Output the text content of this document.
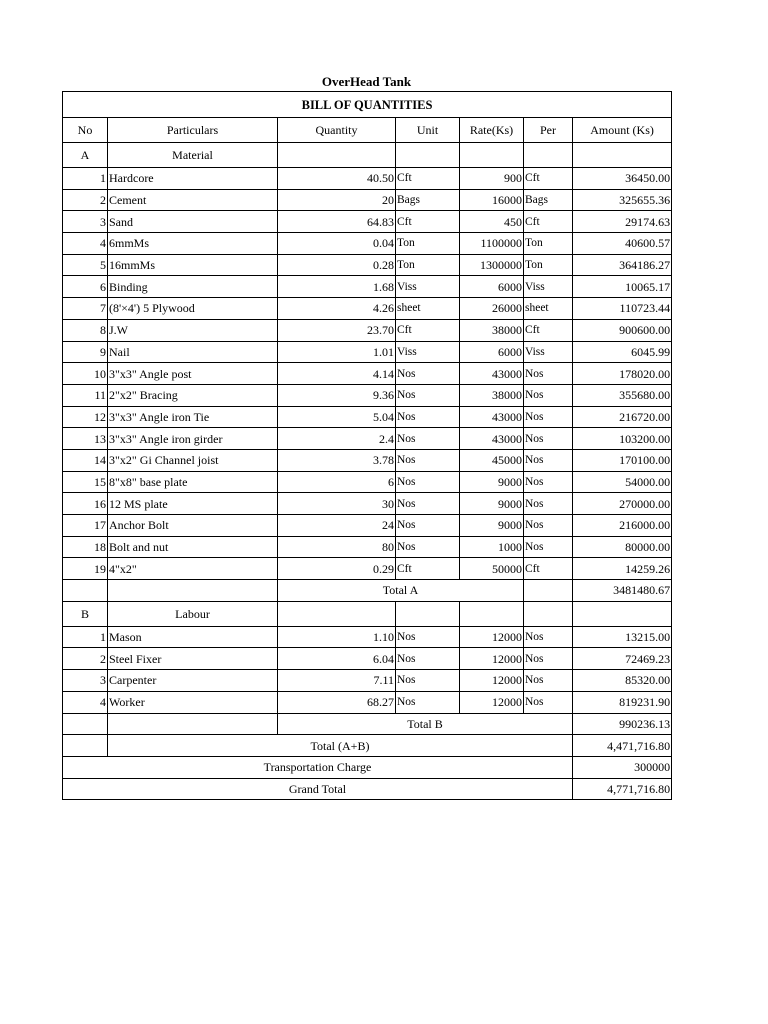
OverHead Tank
BILL OF QUANTITIES						
No	Particulars	Quantity	Unit	Rate(Ks)	Per	Amount (Ks)
A	Material					
1	Hardcore	40.50	Cft	900	Cft	36450.00
2	Cement	20	Bags	16000	Bags	325655.36
3	Sand	64.83	Cft	450	Cft	29174.63
4	6mmMs	0.04	Ton	1100000	Ton	40600.57
5	16mmMs	0.28	Ton	1300000	Ton	364186.27
6	Binding	1.68	Viss	6000	Viss	10065.17
7	(8'×4') 5 Plywood	4.26	sheet	26000	sheet	110723.44
8	J.W	23.70	Cft	38000	Cft	900600.00
9	Nail	1.01	Viss	6000	Viss	6045.99
10	3"x3" Angle post	4.14	Nos	43000	Nos	178020.00
11	2"x2" Bracing	9.36	Nos	38000	Nos	355680.00
12	3"x3" Angle iron Tie	5.04	Nos	43000	Nos	216720.00
13	3"x3" Angle iron girder	2.4	Nos	43000	Nos	103200.00
14	3"x2" Gi Channel joist	3.78	Nos	45000	Nos	170100.00
15	8"x8" base plate	6	Nos	9000	Nos	54000.00
16	12 MS plate	30	Nos	9000	Nos	270000.00
17	Anchor Bolt	24	Nos	9000	Nos	216000.00
18	Bolt and nut	80	Nos	1000	Nos	80000.00
19	4"x2"	0.29	Cft	50000	Cft	14259.26
		Total A				3481480.67
B	Labour					
1	Mason	1.10	Nos	12000	Nos	13215.00
2	Steel Fixer	6.04	Nos	12000	Nos	72469.23
3	Carpenter	7.11	Nos	12000	Nos	85320.00
4	Worker	68.27	Nos	12000	Nos	819231.90
		Total B				990236.13
	Total (A+B)					4,471,716.80
Transportation Charge						300000
Grand Total						4,771,716.80
